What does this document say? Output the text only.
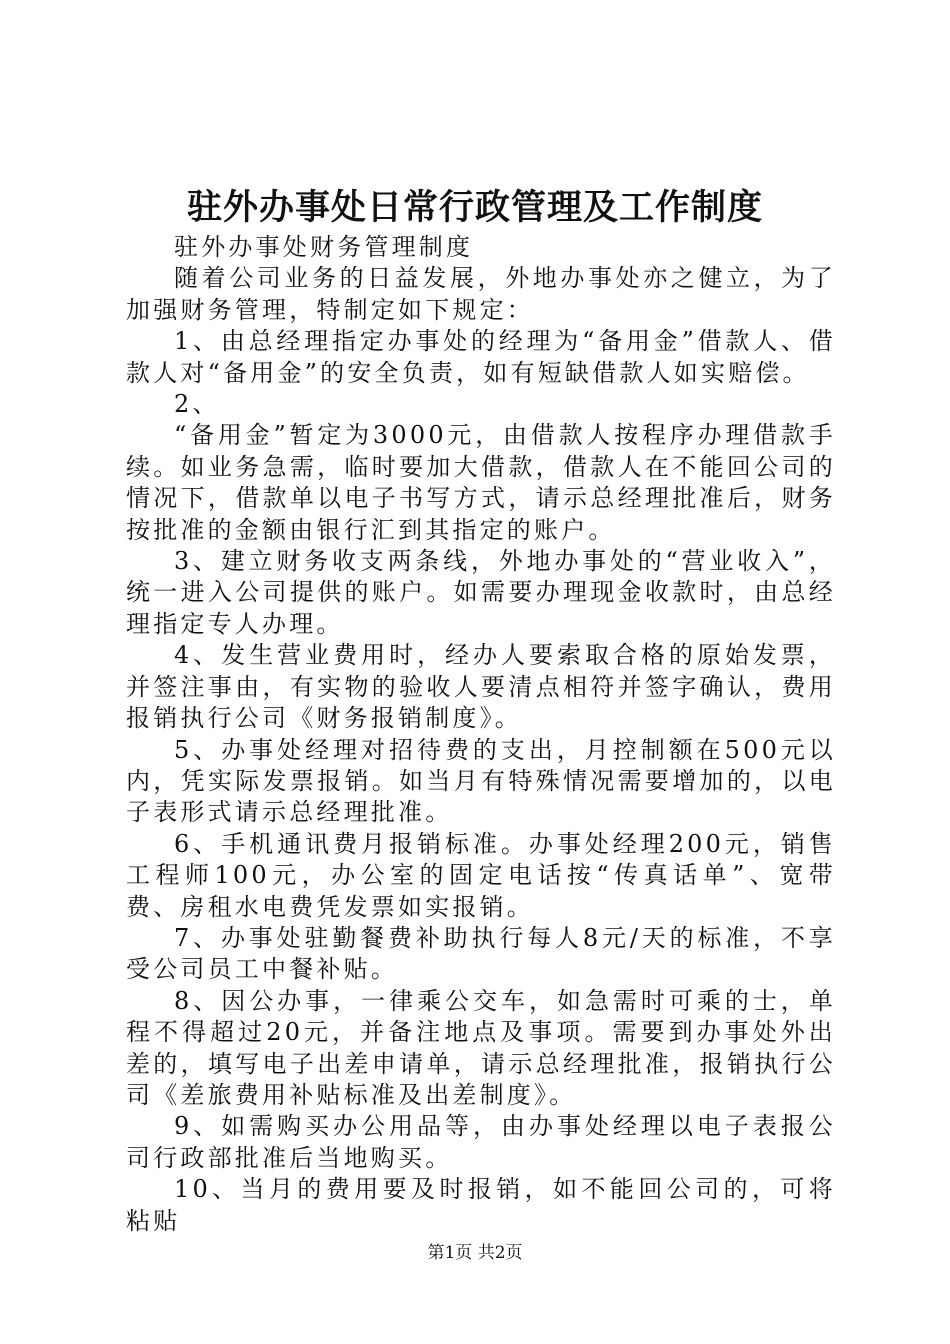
驻外办事处日常行政管理及工作制度

驻外办事处财务管理制度

随着公司业务的日益发展，外地办事处亦之健立，为了加强财务管理，特制定如下规定：

1、由总经理指定办事处的经理为“备用金”借款人、借款人对“备用金”的安全负责，如有短缺借款人如实赔偿。

2、

“备用金”暂定为3000元，由借款人按程序办理借款手续。如业务急需，临时要加大借款，借款人在不能回公司的情况下，借款单以电子书写方式，请示总经理批准后，财务按批准的金额由银行汇到其指定的账户。

3、建立财务收支两条线，外地办事处的“营业收入”，统一进入公司提供的账户。如需要办理现金收款时，由总经理指定专人办理。

4、发生营业费用时，经办人要索取合格的原始发票，并签注事由，有实物的验收人要清点相符并签字确认，费用报销执行公司《财务报销制度》。

5、办事处经理对招待费的支出，月控制额在500元以内，凭实际发票报销。如当月有特殊情况需要增加的，以电子表形式请示总经理批准。

6、手机通讯费月报销标准。办事处经理200元，销售工程师100元，办公室的固定电话按“传真话单”、宽带费、房租水电费凭发票如实报销。

7、办事处驻勤餐费补助执行每人8元/天的标准，不享受公司员工中餐补贴。

8、因公办事，一律乘公交车，如急需时可乘的士，单程不得超过20元，并备注地点及事项。需要到办事处外出差的，填写电子出差申请单，请示总经理批准，报销执行公司《差旅费用补贴标准及出差制度》。

9、如需购买办公用品等，由办事处经理以电子表报公司行政部批准后当地购买。

10、当月的费用要及时报销，如不能回公司的，可将粘贴

第1页 共2页
